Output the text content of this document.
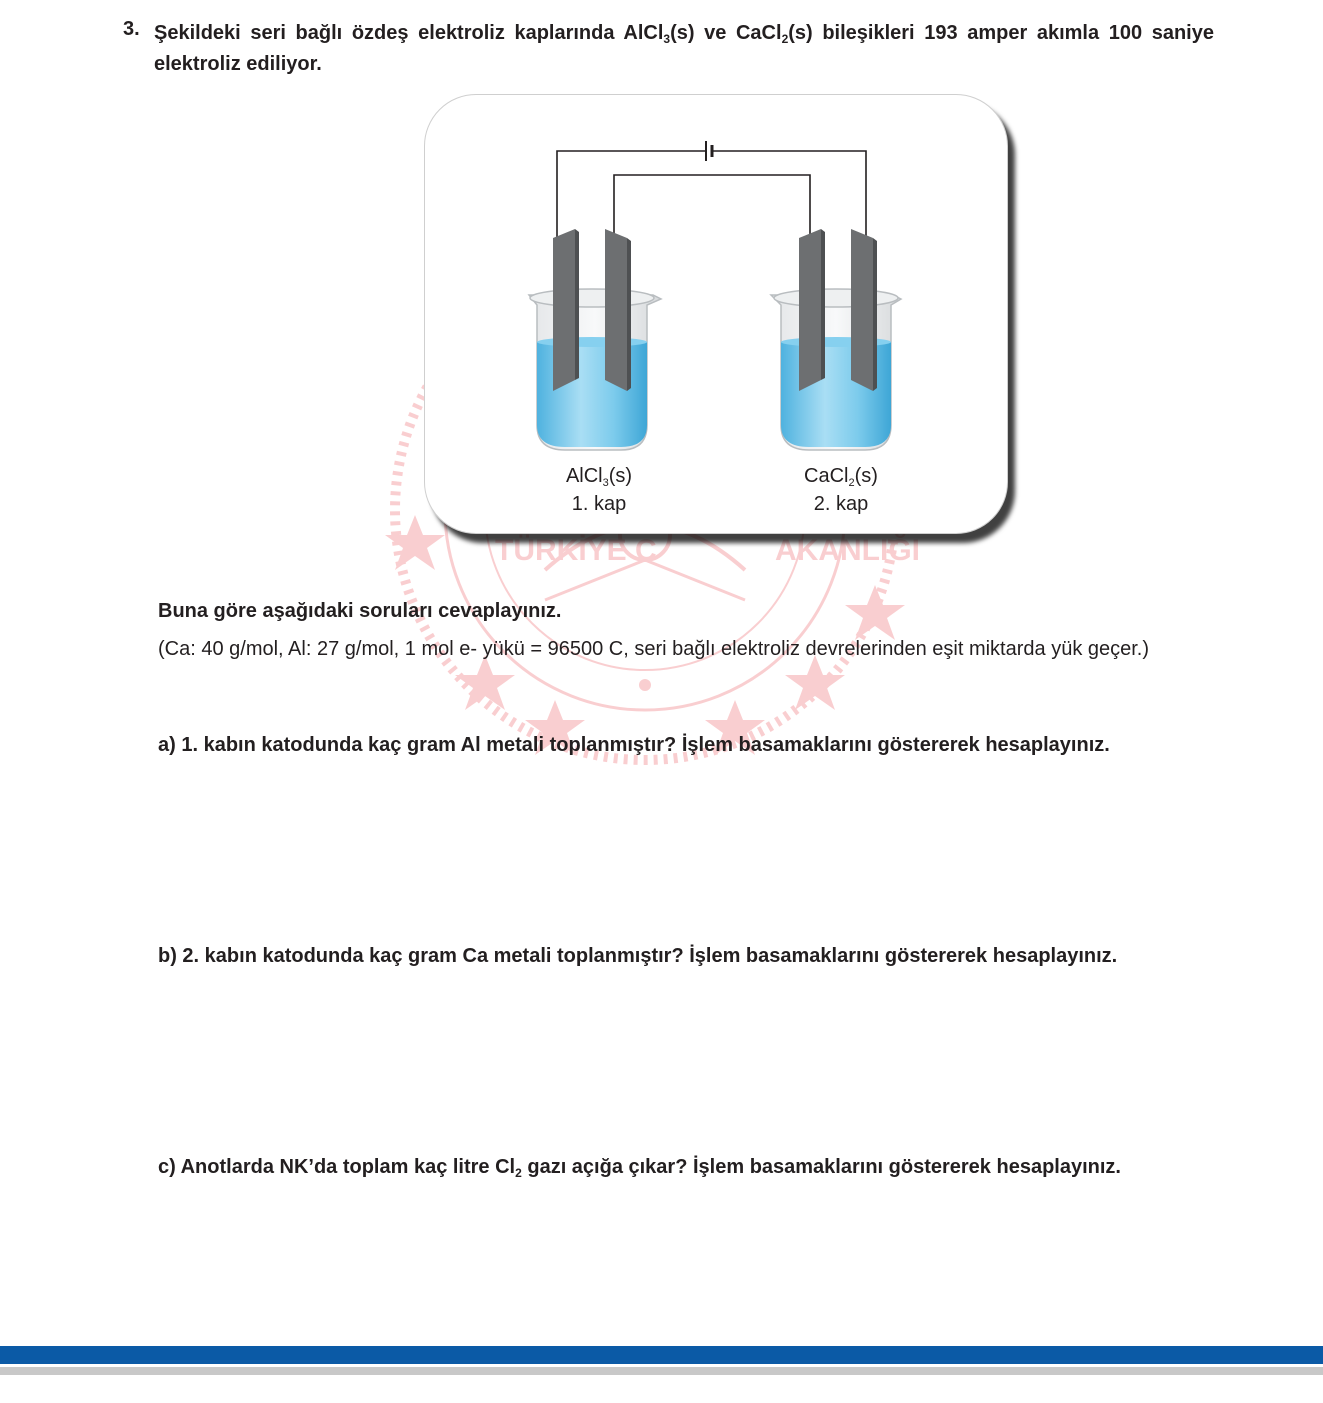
TÜRKİYE C	AKANLIĞI
3. Şekildeki seri bağlı özdeş elektroliz kaplarında AlCl$_3$(s) ve CaCl$_2$(s) bileşikleri 193 amper akımla 100 saniye elektroliz ediliyor.
AlCl$_3$(s)
1. kap
CaCl$_2$(s)
2. kap
Buna göre aşağıdaki soruları cevaplayınız.
(Ca: 40 g/mol, Al: 27 g/mol, 1 mol e- yükü = 96500 C, seri bağlı elektroliz devrelerinden eşit miktarda yük geçer.)
a) 1. kabın katodunda kaç gram Al metali toplanmıştır? İşlem basamaklarını göstererek hesaplayınız.
b) 2. kabın katodunda kaç gram Ca metali toplanmıştır? İşlem basamaklarını göstererek hesaplayınız.
c) Anotlarda NK’da toplam kaç litre $Cl_2$ gazı açığa çıkar? İşlem basamaklarını göstererek hesaplayınız.
